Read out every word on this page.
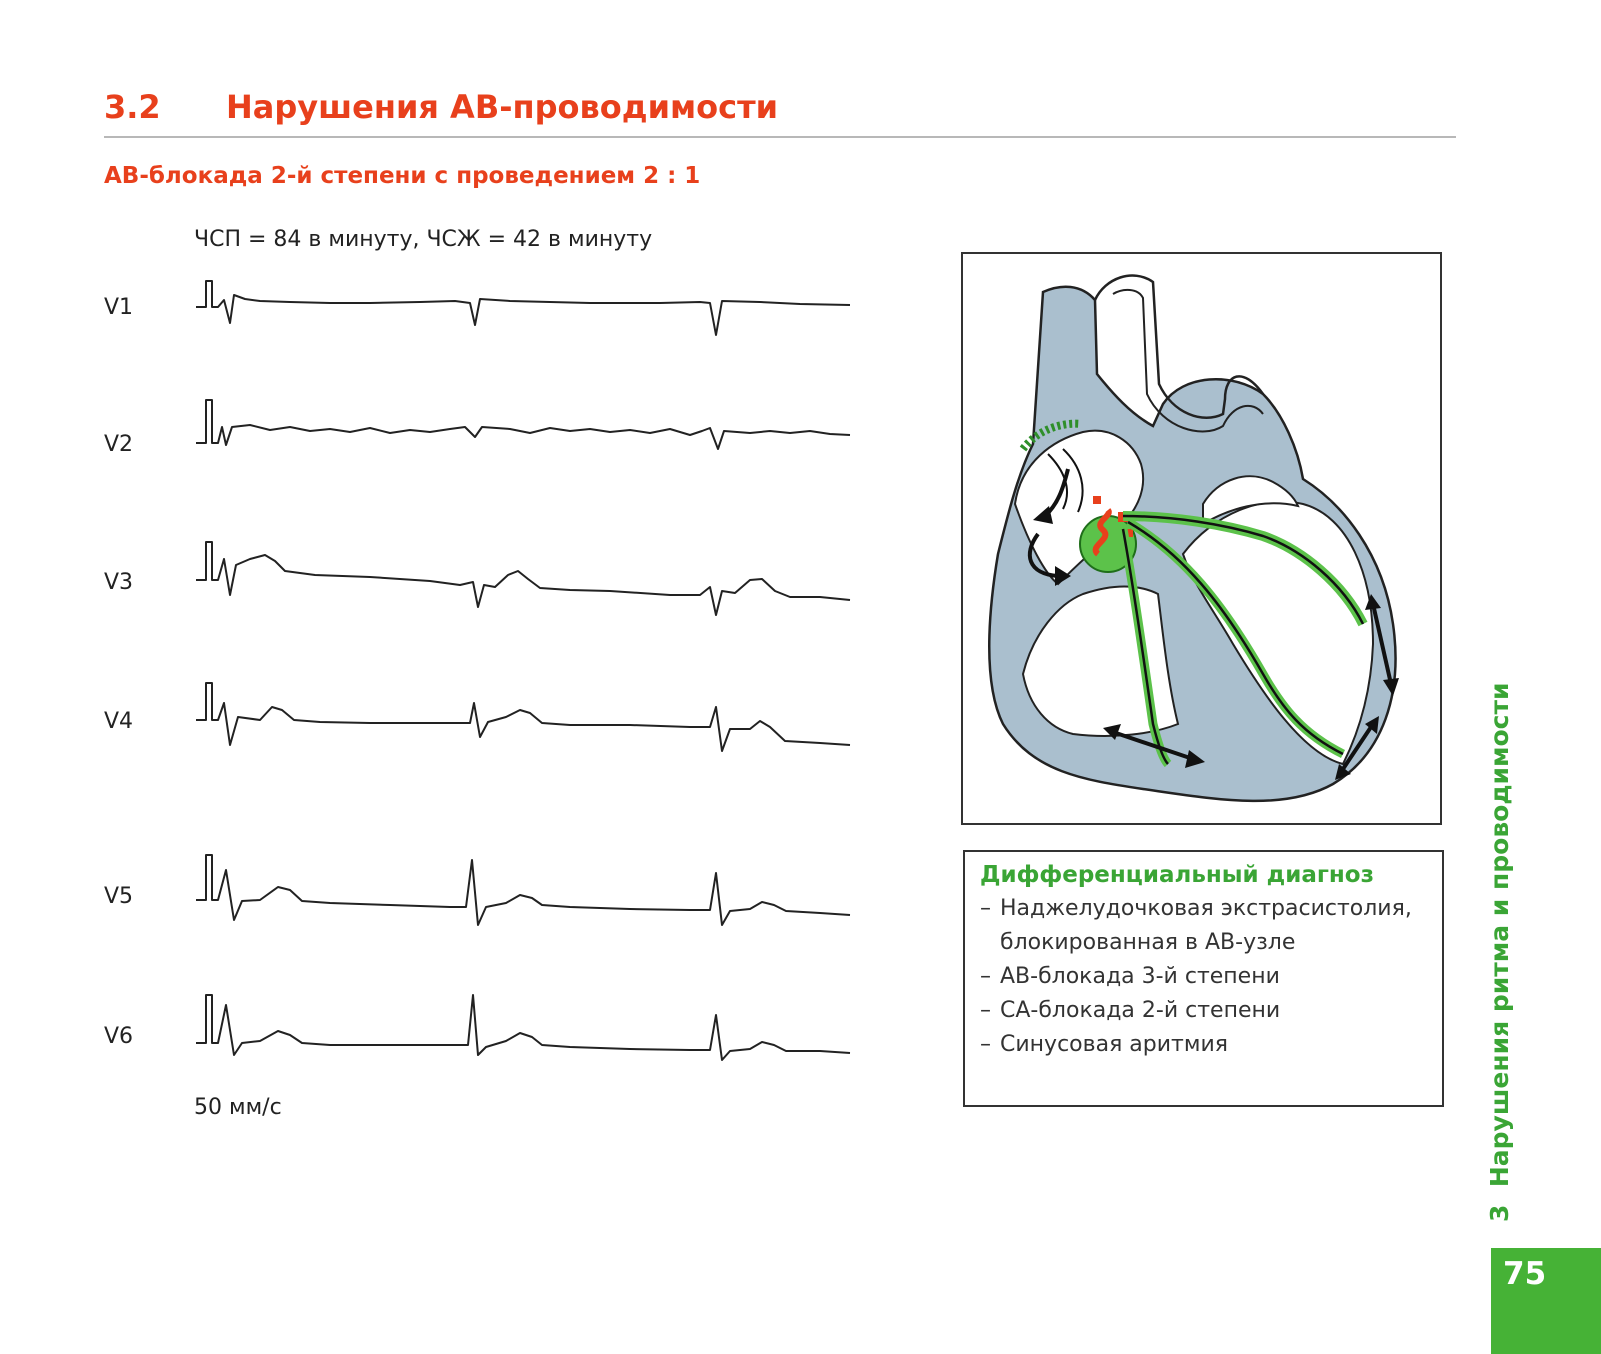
3.2 Нарушения АВ-проводимости
АВ-блокада 2-й степени с проведением 2 : 1
ЧСП = 84 в минуту, ЧСЖ = 42 в минуту
V1
V2
V3
V4
V5
V6
50 мм/с
Дифференциальный диагноз
– Наджелудочковая экстрасистолия, блокированная в АВ-узле
– АВ-блокада 3-й степени
– СА-блокада 2-й степени
– Синусовая аритмия
3  Нарушения ритма и проводимости
75
